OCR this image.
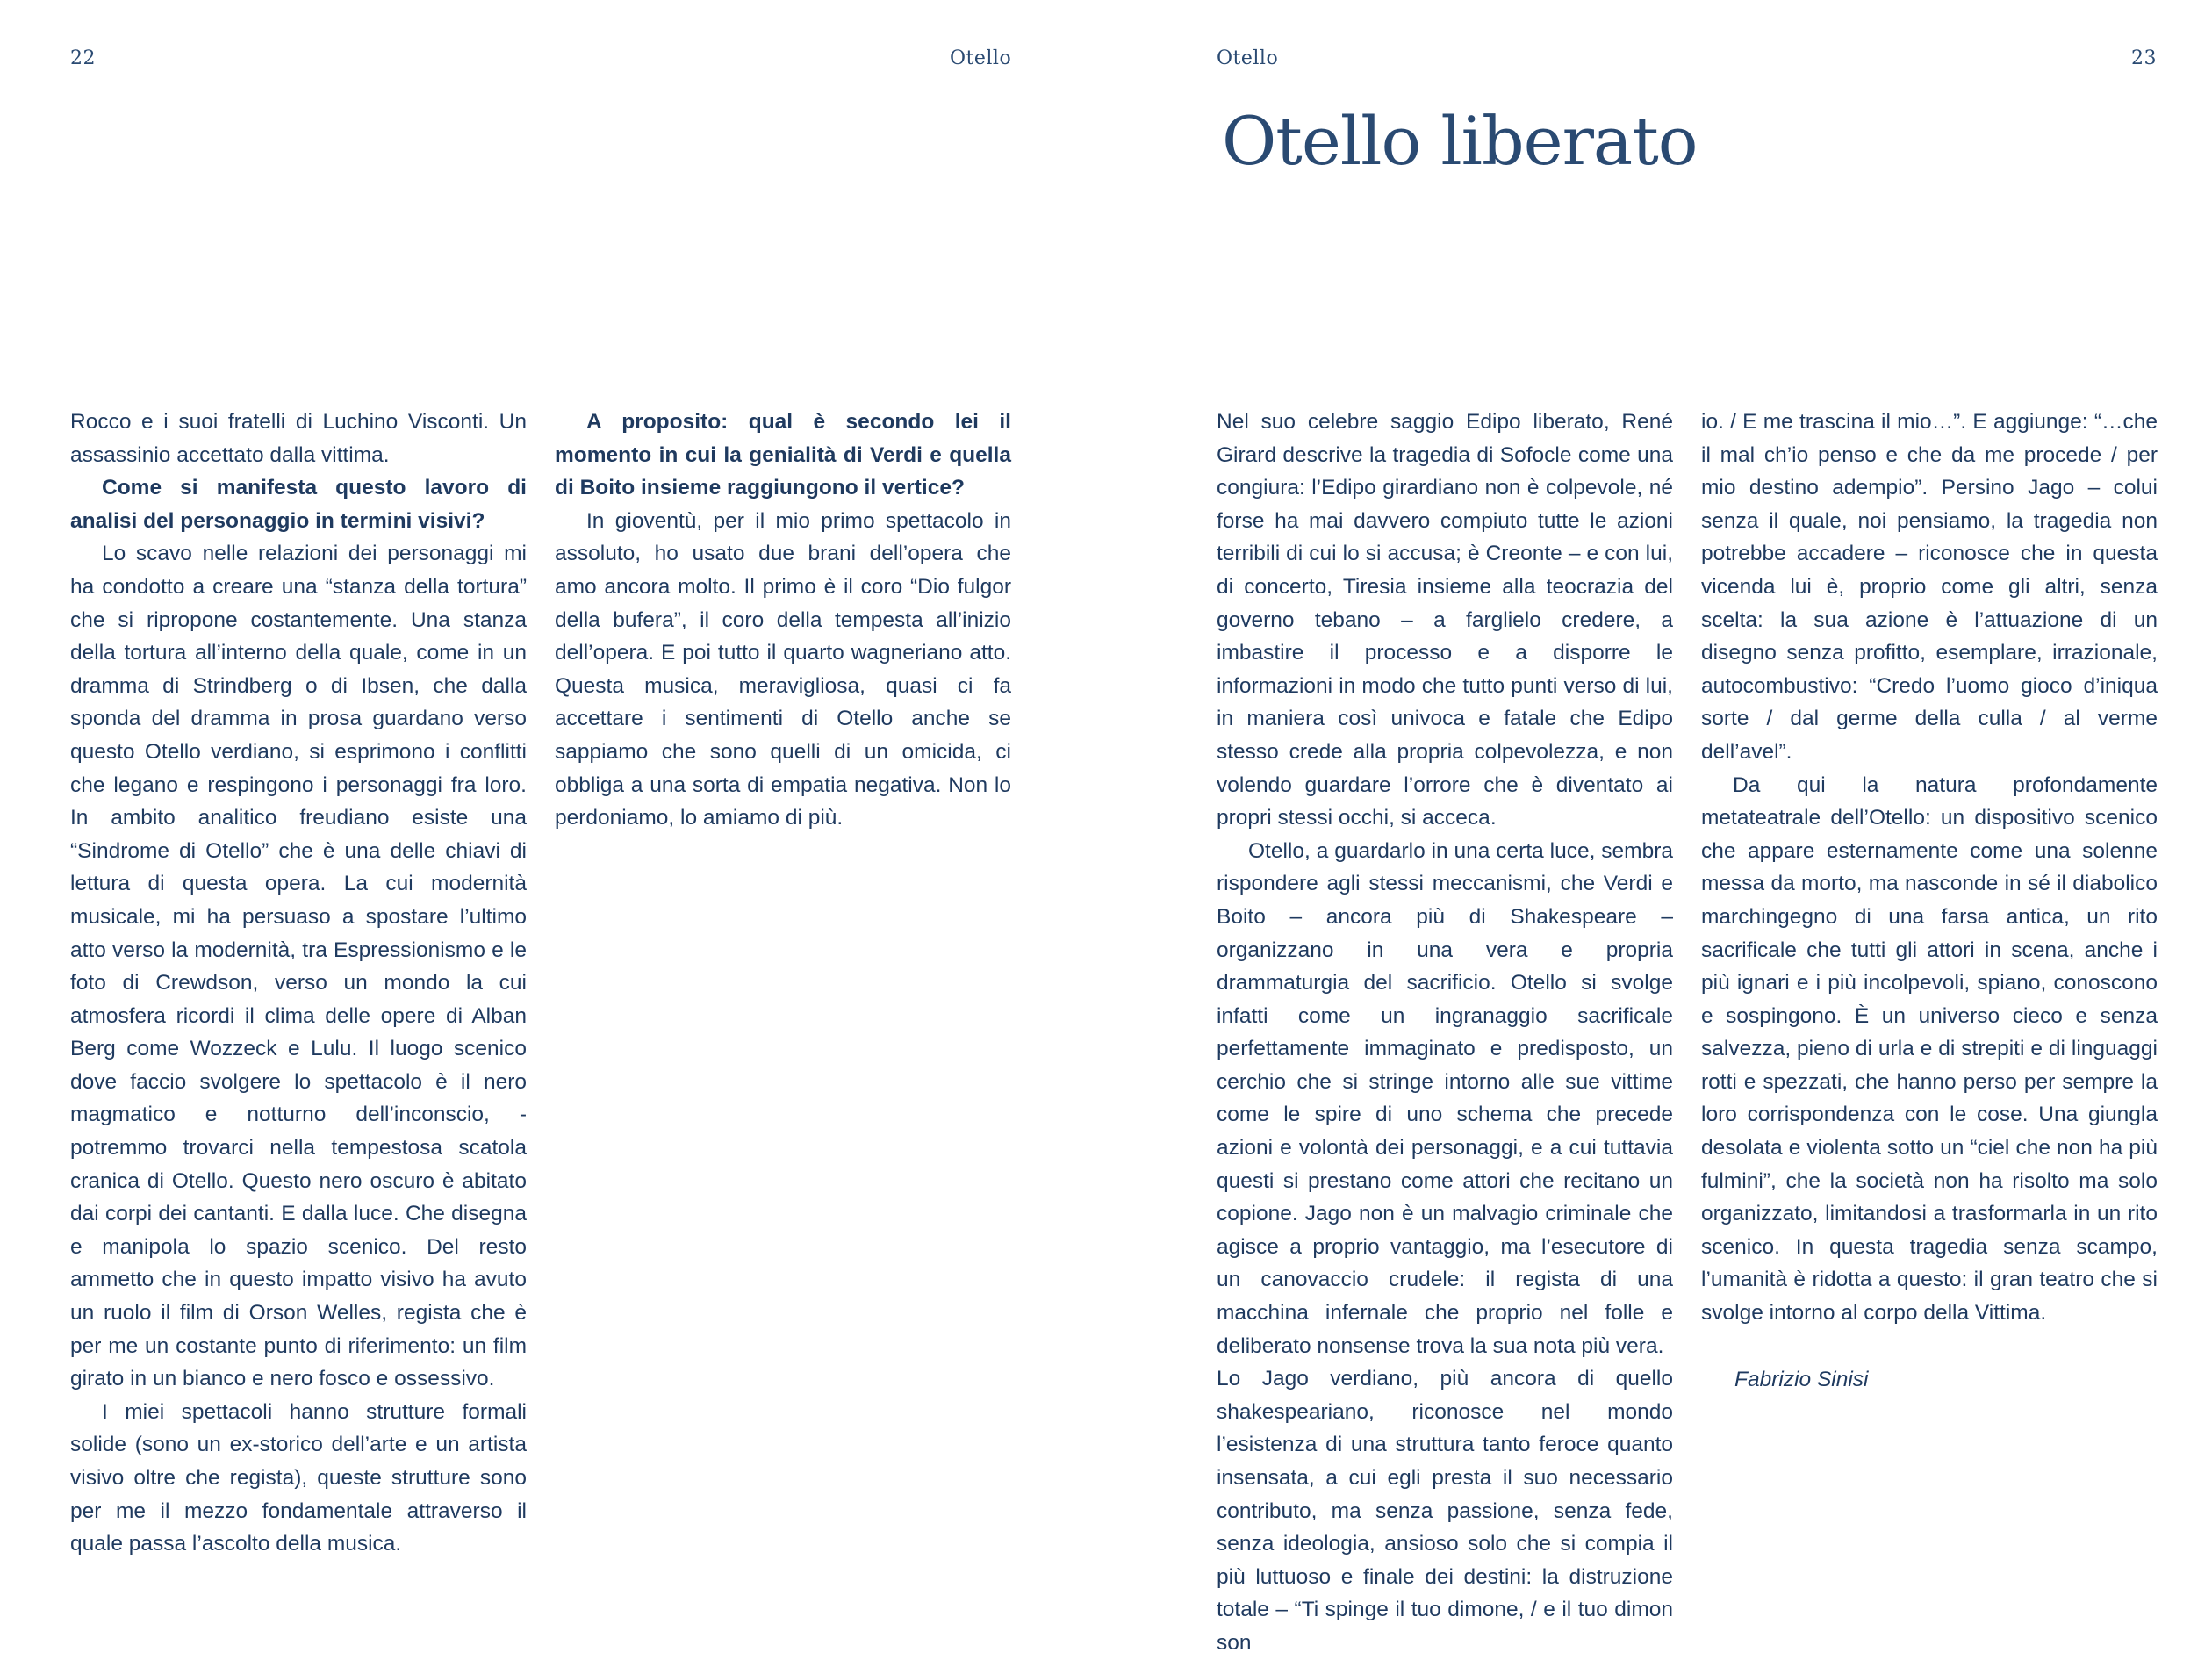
22	Otello

Rocco e i suoi fratelli di Luchino Visconti. Un assassinio accettato dalla vittima.

Come si manifesta questo lavoro di analisi del personaggio in termini visivi?

Lo scavo nelle relazioni dei personaggi mi ha condotto a creare una “stanza della tortura” che si ripropone costantemente. Una stanza della tortura all’interno della quale, come in un dramma di Strindberg o di Ibsen, che dalla sponda del dramma in prosa guardano verso questo Otello verdiano, si esprimono i conflitti che legano e respingono i personaggi fra loro. In ambito analitico freudiano esiste una “Sindrome di Otello” che è una delle chiavi di lettura di questa opera. La cui modernità musicale, mi ha persuaso a spostare l’ultimo atto verso la modernità, tra Espressionismo e le foto di Crewdson, verso un mondo la cui atmosfera ricordi il clima delle opere di Alban Berg come Wozzeck e Lulu. Il luogo scenico dove faccio svolgere lo spettacolo è il nero magmatico e notturno dell’inconscio, - potremmo trovarci nella tempestosa scatola cranica di Otello. Questo nero oscuro è abitato dai corpi dei cantanti. E dalla luce. Che disegna e manipola lo spazio scenico. Del resto ammetto che in questo impatto visivo ha avuto un ruolo il film di Orson Welles, regista che è per me un costante punto di riferimento: un film girato in un bianco e nero fosco e ossessivo.

I miei spettacoli hanno strutture formali solide (sono un ex-storico dell’arte e un artista visivo oltre che regista), queste strutture sono per me il mezzo fondamentale attraverso il quale passa l’ascolto della musica.

A proposito: qual è secondo lei il momento in cui la genialità di Verdi e quella di Boito insieme raggiungono il vertice?

In gioventù, per il mio primo spettacolo in assoluto, ho usato due brani dell’opera che amo ancora molto. Il primo è il coro “Dio fulgor della bufera”, il coro della tempesta all’inizio dell’opera. E poi tutto il quarto wagneriano atto. Questa musica, meravigliosa, quasi ci fa accettare i sentimenti di Otello anche se sappiamo che sono quelli di un omicida, ci obbliga a una sorta di empatia negativa. Non lo perdoniamo, lo amiamo di più.

Otello	23
Otello liberato

Nel suo celebre saggio Edipo liberato, René Girard descrive la tragedia di Sofocle come una congiura: l’Edipo girardiano non è colpevole, né forse ha mai davvero compiuto tutte le azioni terribili di cui lo si accusa; è Creonte – e con lui, di concerto, Tiresia insieme alla teocrazia del governo tebano – a farglielo credere, a imbastire il processo e a disporre le informazioni in modo che tutto punti verso di lui, in maniera così univoca e fatale che Edipo stesso crede alla propria colpevolezza, e non volendo guardare l’orrore che è diventato ai propri stessi occhi, si acceca.

Otello, a guardarlo in una certa luce, sembra rispondere agli stessi meccanismi, che Verdi e Boito – ancora più di Shakespeare – organizzano in una vera e propria drammaturgia del sacrificio. Otello si svolge infatti come un ingranaggio sacrificale perfettamente immaginato e predisposto, un cerchio che si stringe intorno alle sue vittime come le spire di uno schema che precede azioni e volontà dei personaggi, e a cui tuttavia questi si prestano come attori che recitano un copione. Jago non è un malvagio criminale che agisce a proprio vantaggio, ma l’esecutore di un canovaccio crudele: il regista di una macchina infernale che proprio nel folle e deliberato nonsense trova la sua nota più vera.

Lo Jago verdiano, più ancora di quello shakespeariano, riconosce nel mondo l’esistenza di una struttura tanto feroce quanto insensata, a cui egli presta il suo necessario contributo, ma senza passione, senza fede, senza ideologia, ansioso solo che si compia il più luttuoso e finale dei destini: la distruzione totale – “Ti spinge il tuo dimone, / e il tuo dimon son

io. / E me trascina il mio…”. E aggiunge: “…che il mal ch’io penso e che da me procede / per mio destino adempio”. Persino Jago – colui senza il quale, noi pensiamo, la tragedia non potrebbe accadere – riconosce che in questa vicenda lui è, proprio come gli altri, senza scelta: la sua azione è l’attuazione di un disegno senza profitto, esemplare, irrazionale, autocombustivo: “Credo l’uomo gioco d’iniqua sorte / dal germe della culla / al verme dell’avel”.

Da qui la natura profondamente metateatrale dell’Otello: un dispositivo scenico che appare esternamente come una solenne messa da morto, ma nasconde in sé il diabolico marchingegno di una farsa antica, un rito sacrificale che tutti gli attori in scena, anche i più ignari e i più incolpevoli, spiano, conoscono e sospingono. È un universo cieco e senza salvezza, pieno di urla e di strepiti e di linguaggi rotti e spezzati, che hanno perso per sempre la loro corrispondenza con le cose. Una giungla desolata e violenta sotto un “ciel che non ha più fulmini”, che la società non ha risolto ma solo organizzato, limitandosi a trasformarla in un rito scenico. In questa tragedia senza scampo, l’umanità è ridotta a questo: il gran teatro che si svolge intorno al corpo della Vittima.

Fabrizio Sinisi
